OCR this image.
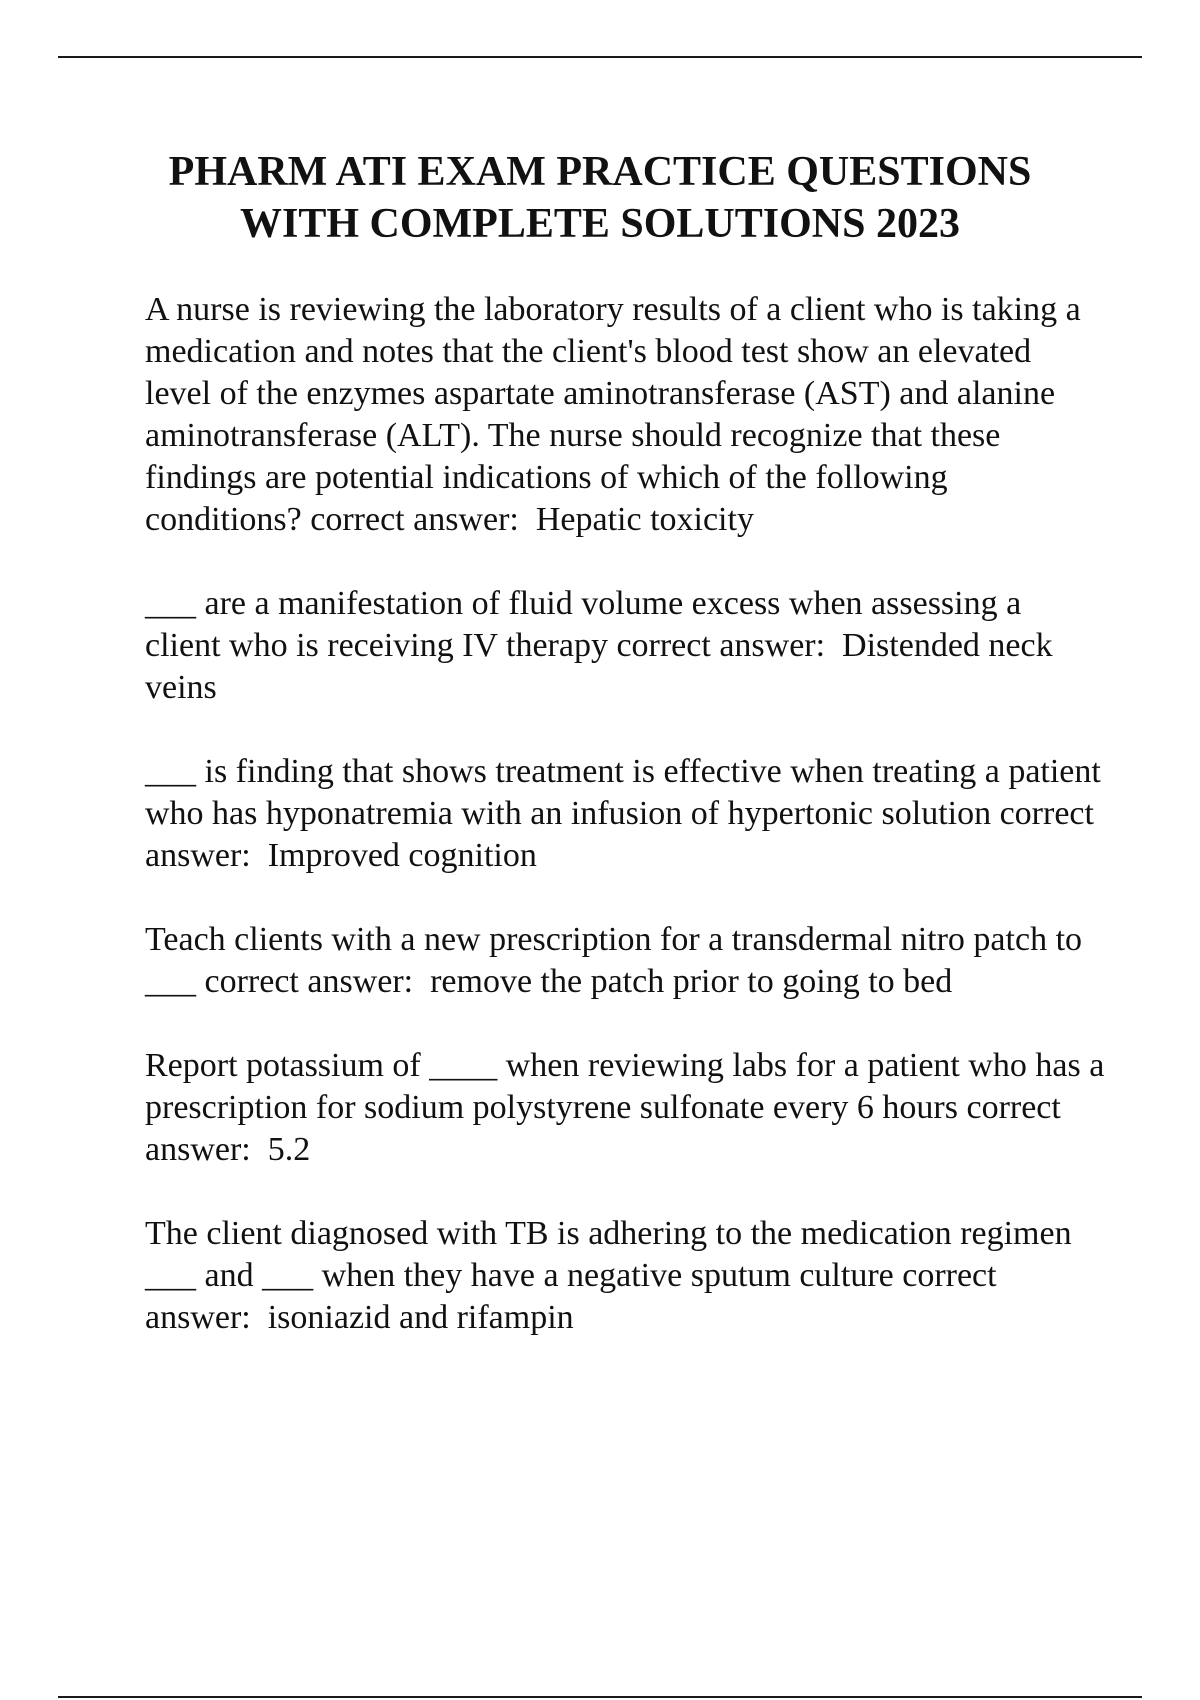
PHARM ATI EXAM PRACTICE QUESTIONS
WITH COMPLETE SOLUTIONS 2023

A nurse is reviewing the laboratory results of a client who is taking a medication and notes that the client's blood test show an elevated level of the enzymes aspartate aminotransferase (AST) and alanine aminotransferase (ALT). The nurse should recognize that these findings are potential indications of which of the following conditions? correct answer:  Hepatic toxicity

___ are a manifestation of fluid volume excess when assessing a client who is receiving IV therapy correct answer:  Distended neck veins

___ is finding that shows treatment is effective when treating a patient who has hyponatremia with an infusion of hypertonic solution correct answer:  Improved cognition

Teach clients with a new prescription for a transdermal nitro patch to ___ correct answer:  remove the patch prior to going to bed

Report potassium of ____ when reviewing labs for a patient who has a prescription for sodium polystyrene sulfonate every 6 hours correct answer:  5.2

The client diagnosed with TB is adhering to the medication regimen ___ and ___ when they have a negative sputum culture correct answer:  isoniazid and rifampin
